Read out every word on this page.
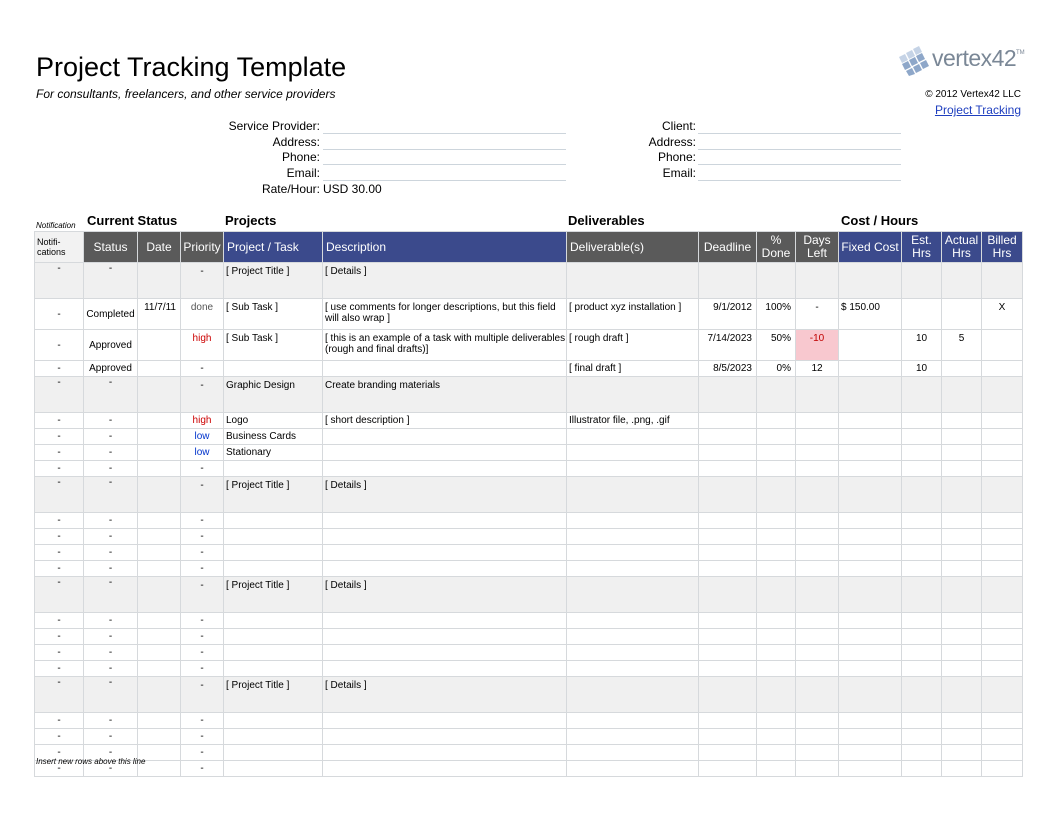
Project Tracking Template
For consultants, freelancers, and other service providers
vertex42 TM
© 2012 Vertex42 LLC
Project Tracking
Service Provider:
Address:
Phone:
Email:
Rate/Hour: USD 30.00
Client:
Address:
Phone:
Email:
Notification Current Status	Projects	Deliverables	Cost / Hours
Notifi-cations	Status	Date	Priority	Project / Task	Description	Deliverable(s)	Deadline	% Done	Days Left	Fixed Cost	Est. Hrs	Actual Hrs	Billed Hrs
-	-		-	[ Project Title ]	[ Details ]								
-	Completed	11/7/11	done	[ Sub Task ]	[ use comments for longer descriptions, but this field will also wrap ]	[ product xyz installation ]	9/1/2012	100%	-	$ 150.00			X
-	Approved		high	[ Sub Task ]	[ this is an example of a task with multiple deliverables (rough and final drafts)]	[ rough draft ]	7/14/2023	50%	-10		10	5	
-	Approved		-			[ final draft ]	8/5/2023	0%	12		10		
-	-		-	Graphic Design	Create branding materials								
-	-		high	Logo	[ short description ]	Illustrator file, .png, .gif							
-	-		low	Business Cards									
-	-		low	Stationary									
-	-		-										
-	-		-	[ Project Title ]	[ Details ]								
-	-		-										
-	-		-										
-	-		-										
-	-		-										
-	-		-	[ Project Title ]	[ Details ]								
-	-		-										
-	-		-										
-	-		-										
-	-		-										
-	-		-	[ Project Title ]	[ Details ]								
-	-		-										
-	-		-										
-	-		-										
-	-		-										
Insert new rows above this line
